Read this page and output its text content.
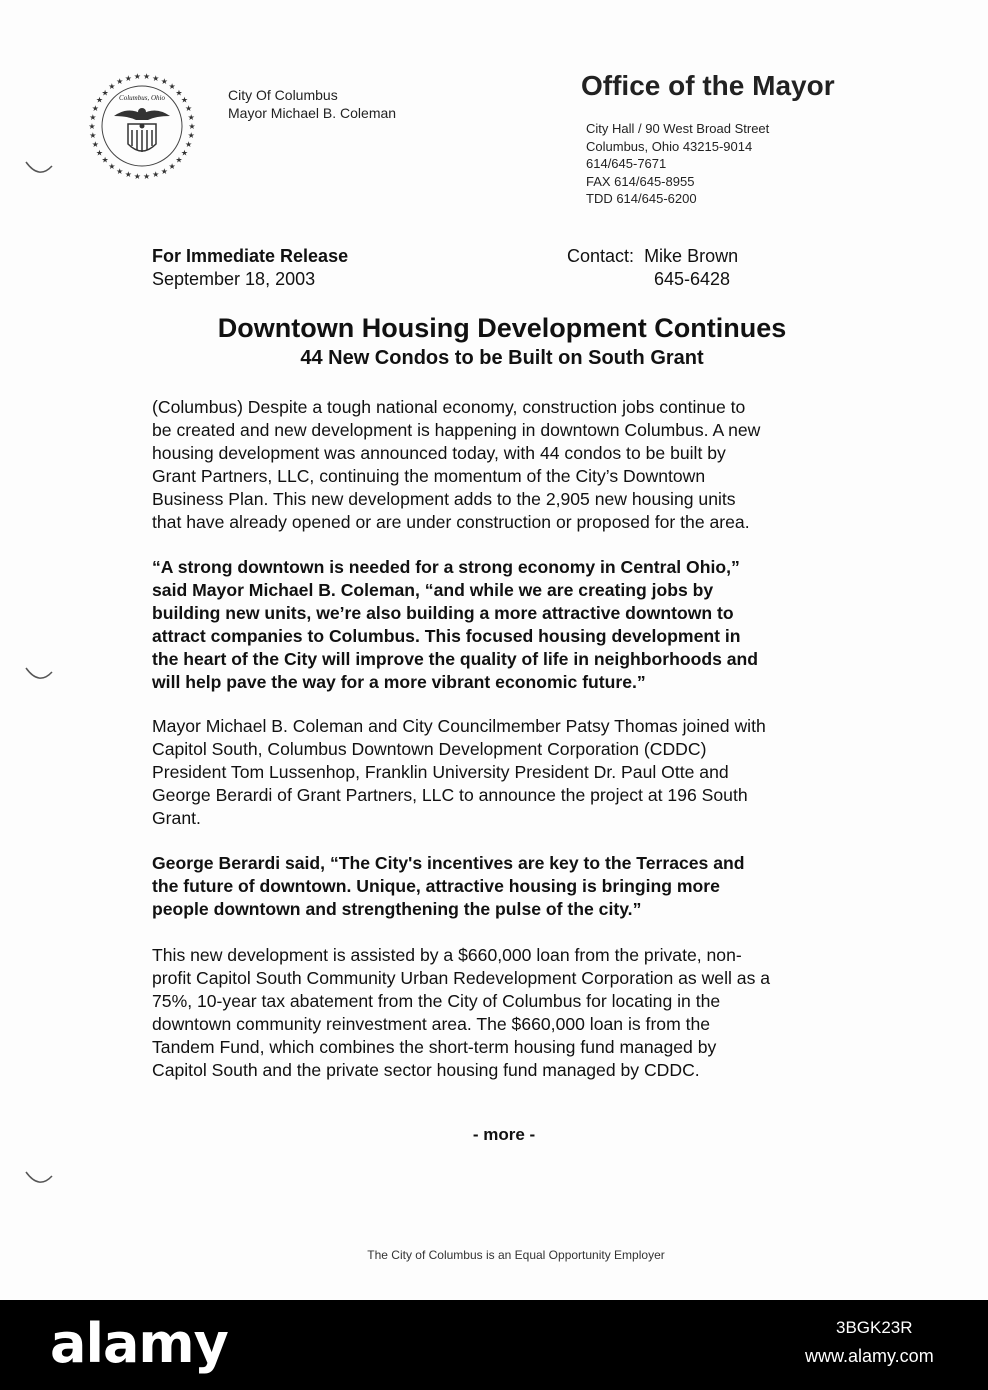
★
★
★
★
★
★
★
★
★
★
★
★
★
★
★
★
★
★
★
★
★
★
★
★ ★ ★ ★ ★ ★
★
★
★
★
★
Columbus, Ohio	City Of Columbus
Mayor Michael B. Coleman
Office of the Mayor
City Hall / 90 West Broad Street
Columbus, Ohio 43215-9014
614/645-7671
FAX 614/645-8955
TDD 614/645-6200
For Immediate Release
September 18, 2003
Contact: Mike Brown
645-6428
Downtown Housing Development Continues
44 New Condos to be Built on South Grant
(Columbus) Despite a tough national economy, construction jobs continue to
be created and new development is happening in downtown Columbus. A new
housing development was announced today, with 44 condos to be built by
Grant Partners, LLC, continuing the momentum of the City’s Downtown
Business Plan. This new development adds to the 2,905 new housing units
that have already opened or are under construction or proposed for the area.
“A strong downtown is needed for a strong economy in Central Ohio,”
said Mayor Michael B. Coleman, “and while we are creating jobs by
building new units, we’re also building a more attractive downtown to
attract companies to Columbus. This focused housing development in
the heart of the City will improve the quality of life in neighborhoods and
will help pave the way for a more vibrant economic future.”
Mayor Michael B. Coleman and City Councilmember Patsy Thomas joined with
Capitol South, Columbus Downtown Development Corporation (CDDC)
President Tom Lussenhop, Franklin University President Dr. Paul Otte and
George Berardi of Grant Partners, LLC to announce the project at 196 South
Grant.
George Berardi said, “The City's incentives are key to the Terraces and
the future of downtown. Unique, attractive housing is bringing more
people downtown and strengthening the pulse of the city.”
This new development is assisted by a $660,000 loan from the private, non-
profit Capitol South Community Urban Redevelopment Corporation as well as a
75%, 10-year tax abatement from the City of Columbus for locating in the
downtown community reinvestment area. The $660,000 loan is from the
Tandem Fund, which combines the short-term housing fund managed by
Capitol South and the private sector housing fund managed by CDDC.
- more -
The City of Columbus is an Equal Opportunity Employer
alamy	3BGK23R
www.alamy.com
